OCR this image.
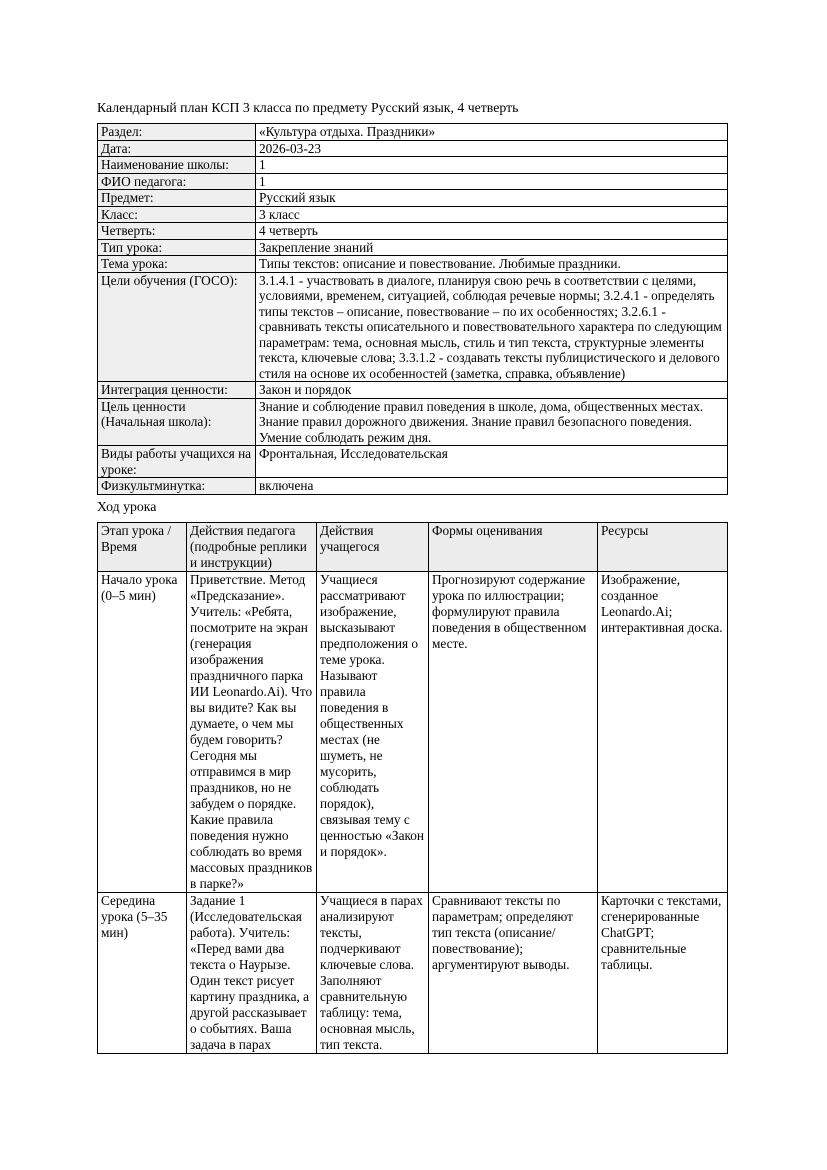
Календарный план КСП 3 класса по предмету Русский язык, 4 четверть

Раздел:	«Культура отдыха. Праздники»
Дата:	2026-03-23
Наименование школы:	1
ФИО педагога:	1
Предмет:	Русский язык
Класс:	3 класс
Четверть:	4 четверть
Тип урока:	Закрепление знаний
Тема урока:	Типы текстов: описание и повествование. Любимые праздники.
Цели обучения (ГОСО):	3.1.4.1 - участвовать в диалоге, планируя свою речь в соответствии с целями, условиями, временем, ситуацией, соблюдая речевые нормы; 3.2.4.1 - определять типы текстов – описание, повествование – по их особенностях; 3.2.6.1 - сравнивать тексты описательного и повествовательного характера по следующим параметрам: тема, основная мысль, стиль и тип текста, структурные элементы текста, ключевые слова; 3.3.1.2 - создавать тексты публицистического и делового стиля на основе их особенностей (заметка, справка, объявление)
Интеграция ценности:	Закон и порядок
Цель ценности (Начальная школа):	Знание и соблюдение правил поведения в школе, дома, общественных местах. Знание правил дорожного движения. Знание правил безопасного поведения. Умение соблюдать режим дня.
Виды работы учащихся на уроке:	Фронтальная, Исследовательская
Физкультминутка:	включена

Ход урока

Этап урока / Время	Действия педагога (подробные реплики и инструкции)	Действия учащегося	Формы оценивания	Ресурсы
Начало урока (0–5 мин)	Приветствие. Метод «Предсказание». Учитель: «Ребята, посмотрите на экран (генерация изображения праздничного парка ИИ Leonardo.Ai). Что вы видите? Как вы думаете, о чем мы будем говорить? Сегодня мы отправимся в мир праздников, но не забудем о порядке. Какие правила поведения нужно соблюдать во время массовых праздников в парке?»	Учащиеся рассматривают изображение, высказывают предположения о теме урока. Называют правила поведения в общественных местах (не шуметь, не мусорить, соблюдать порядок), связывая тему с ценностью «Закон и порядок».	Прогнозируют содержание урока по иллюстрации; формулируют правила поведения в общественном месте.	Изображение, созданное Leonardo.Ai; интерактивная доска.
Середина урока (5–35 мин)	Задание 1 (Исследовательская работа). Учитель: «Перед вами два текста о Наурызе. Один текст рисует картину праздника, а другой рассказывает о событиях. Ваша задача в парах	Учащиеся в парах анализируют тексты, подчеркивают ключевые слова. Заполняют сравнительную таблицу: тема, основная мысль, тип текста.	Сравнивают тексты по параметрам; определяют тип текста (описание/повествование); аргументируют выводы.	Карточки с текстами, сгенерированные ChatGPT; сравнительные таблицы.
